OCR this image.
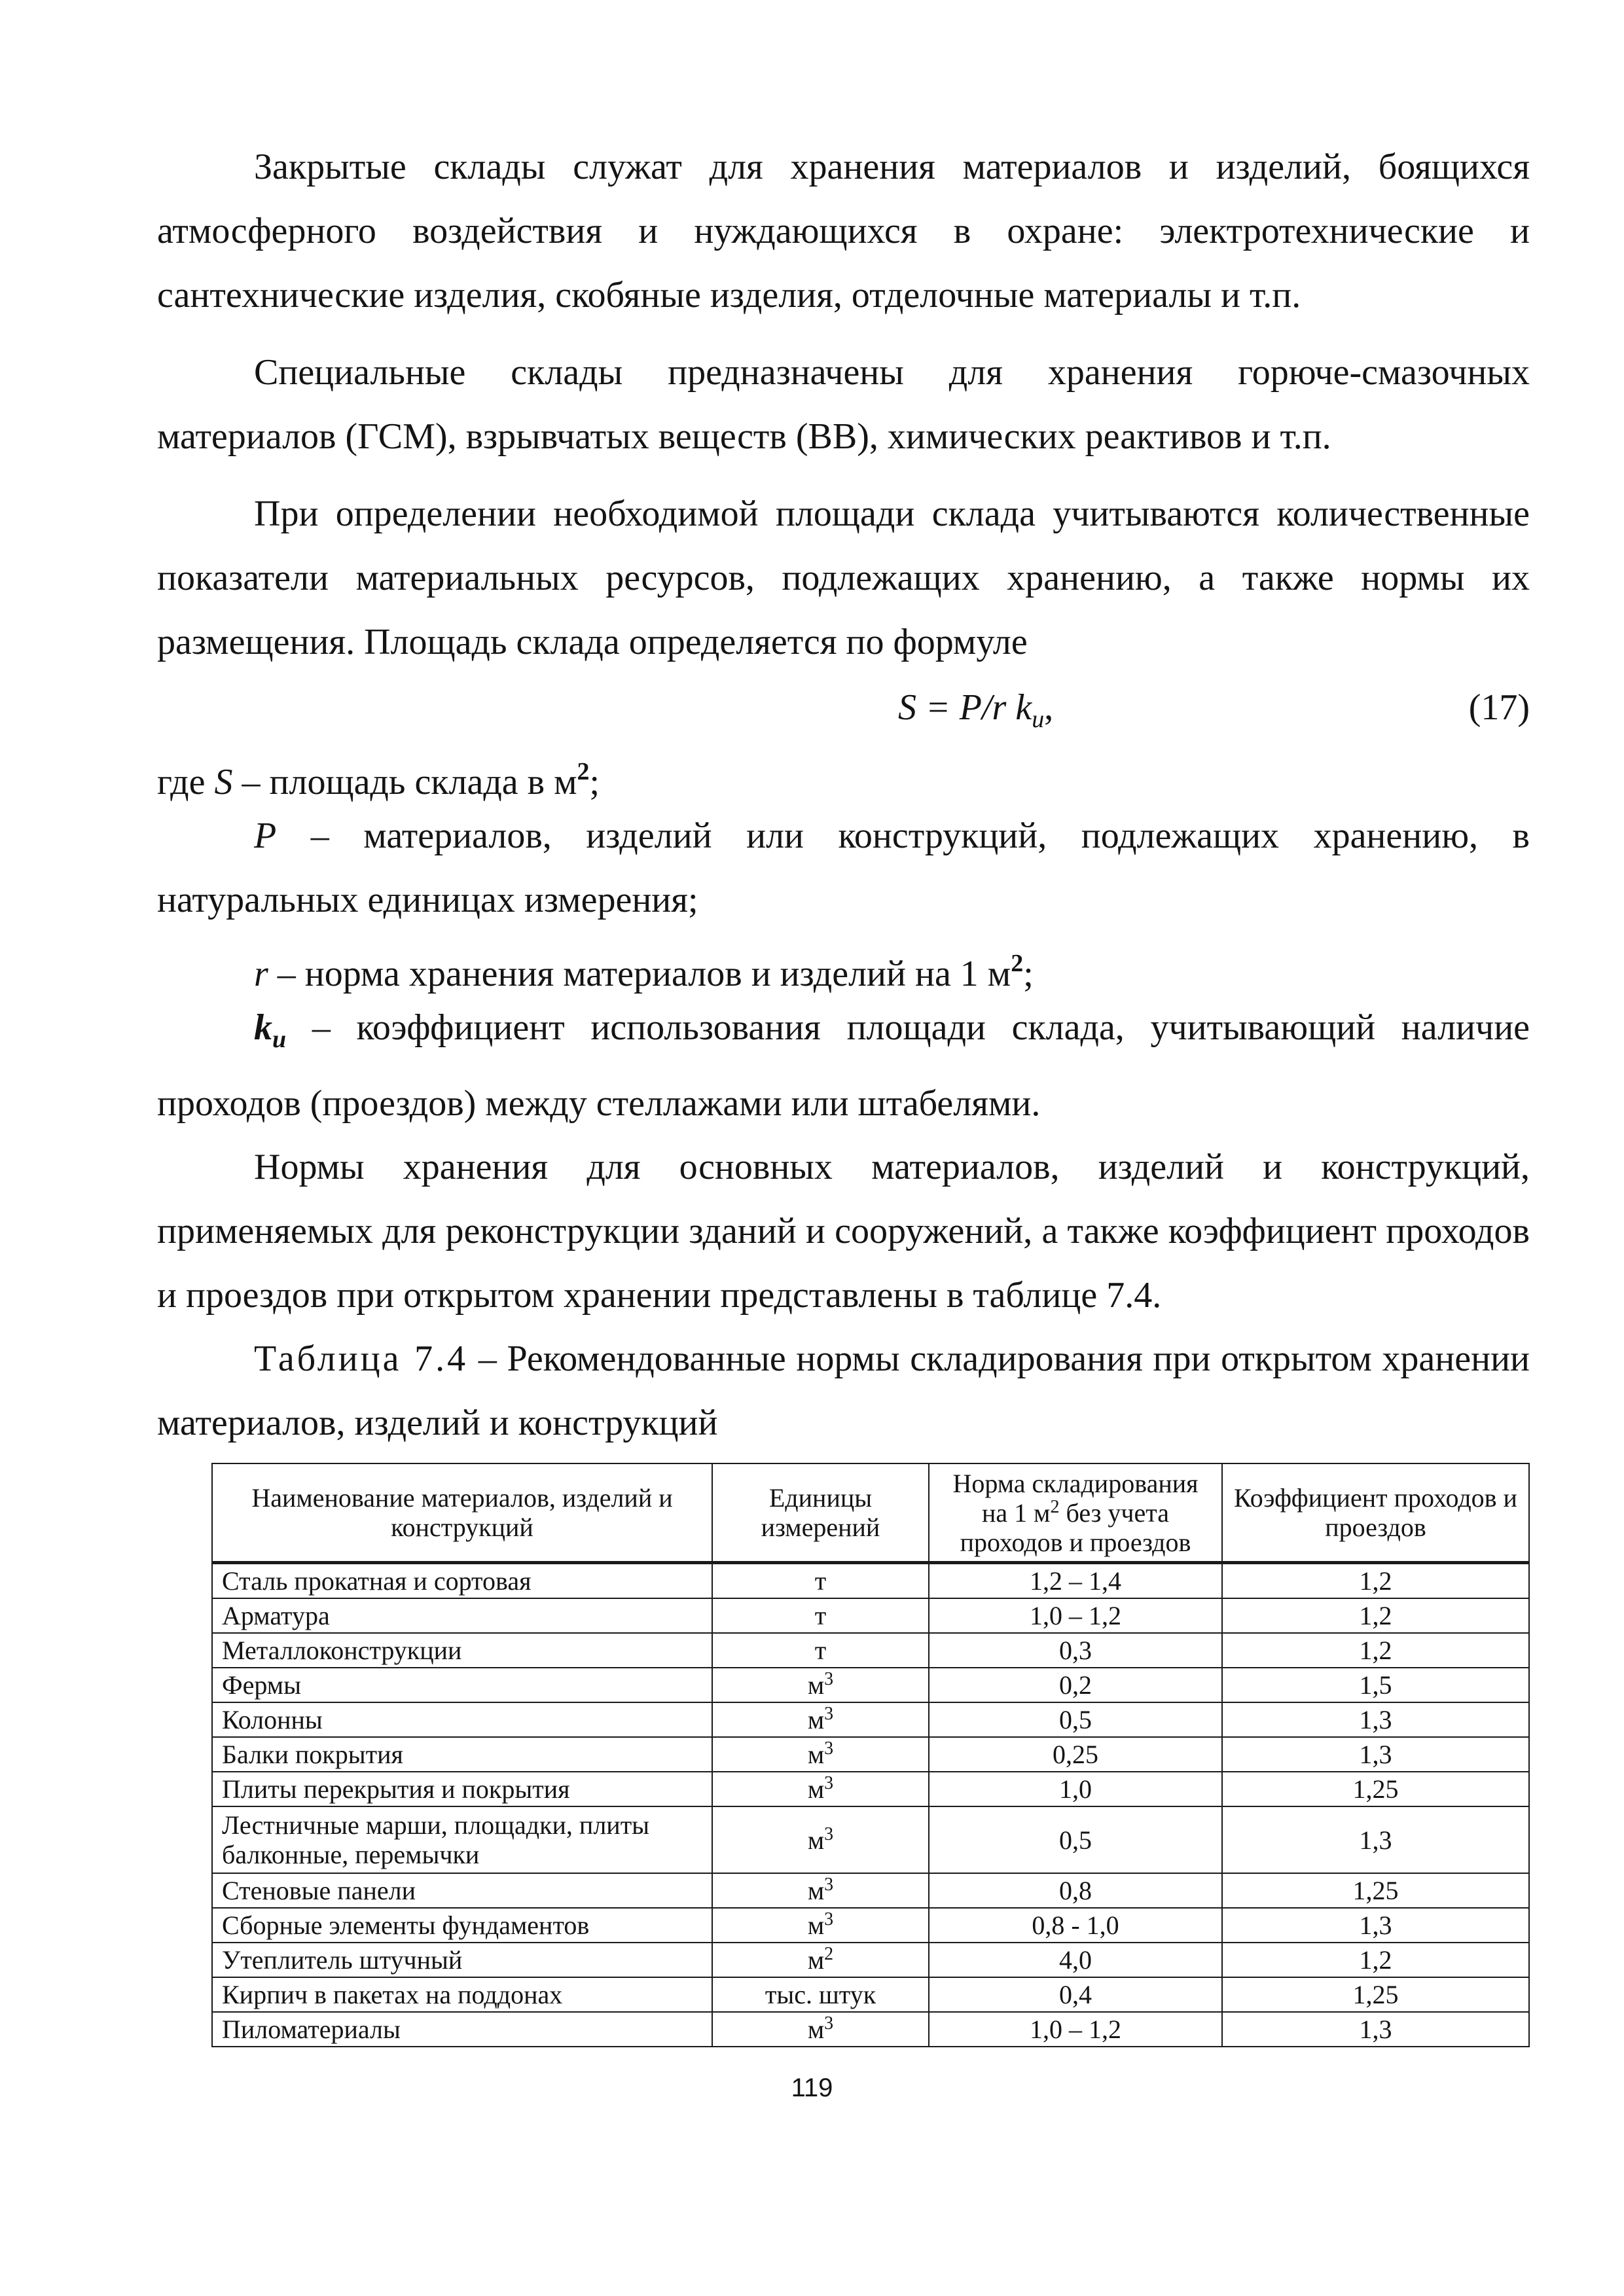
Закрытые склады служат для хранения материалов и изделий, боящихся атмосферного воздействия и нуждающихся в охране: электротехнические и сантехнические изделия, скобяные изделия, отделочные материалы и т.п.

Специальные склады предназначены для хранения горюче-смазочных материалов (ГСМ), взрывчатых веществ (ВВ), химических реактивов и т.п.

При определении необходимой площади склада учитываются количественные показатели материальных ресурсов, подлежащих хранению, а также нормы их размещения. Площадь склада определяется по формуле

S = P/r $k_u$,	(17)

где S – площадь склада в $м^2$;

P – материалов, изделий или конструкций, подлежащих хранению, в натуральных единицах измерения;

r – норма хранения материалов и изделий на 1 $м^2$;

$k_u$ – коэффициент использования площади склада, учитывающий наличие проходов (проездов) между стеллажами или штабелями.

Нормы хранения для основных материалов, изделий и конструкций, применяемых для реконструкции зданий и сооружений, а также коэффициент проходов и проездов при открытом хранении представлены в таблице 7.4.

Таблица 7.4 – Рекомендованные нормы складирования при открытом хранении материалов, изделий и конструкций

Наименование материалов, изделий и конструкций	Единицы измерений	Норма складирования на 1 $м^2$ без учета проходов и проездов	Коэффициент проходов и проездов
Сталь прокатная и сортовая	т	1,2 – 1,4	1,2
Арматура	т	1,0 – 1,2	1,2
Металлоконструкции	т	0,3	1,2
Фермы	$м^3$	0,2	1,5
Колонны	$м^3$	0,5	1,3
Балки покрытия	$м^3$	0,25	1,3
Плиты перекрытия и покрытия	$м^3$	1,0	1,25
Лестничные марши, площадки, плиты балконные, перемычки	$м^3$	0,5	1,3
Стеновые панели	$м^3$	0,8	1,25
Сборные элементы фундаментов	$м^3$	0,8 - 1,0	1,3
Утеплитель штучный	$м^2$	4,0	1,2
Кирпич в пакетах на поддонах	тыс. штук	0,4	1,25
Пиломатериалы	$м^3$	1,0 – 1,2	1,3
119
